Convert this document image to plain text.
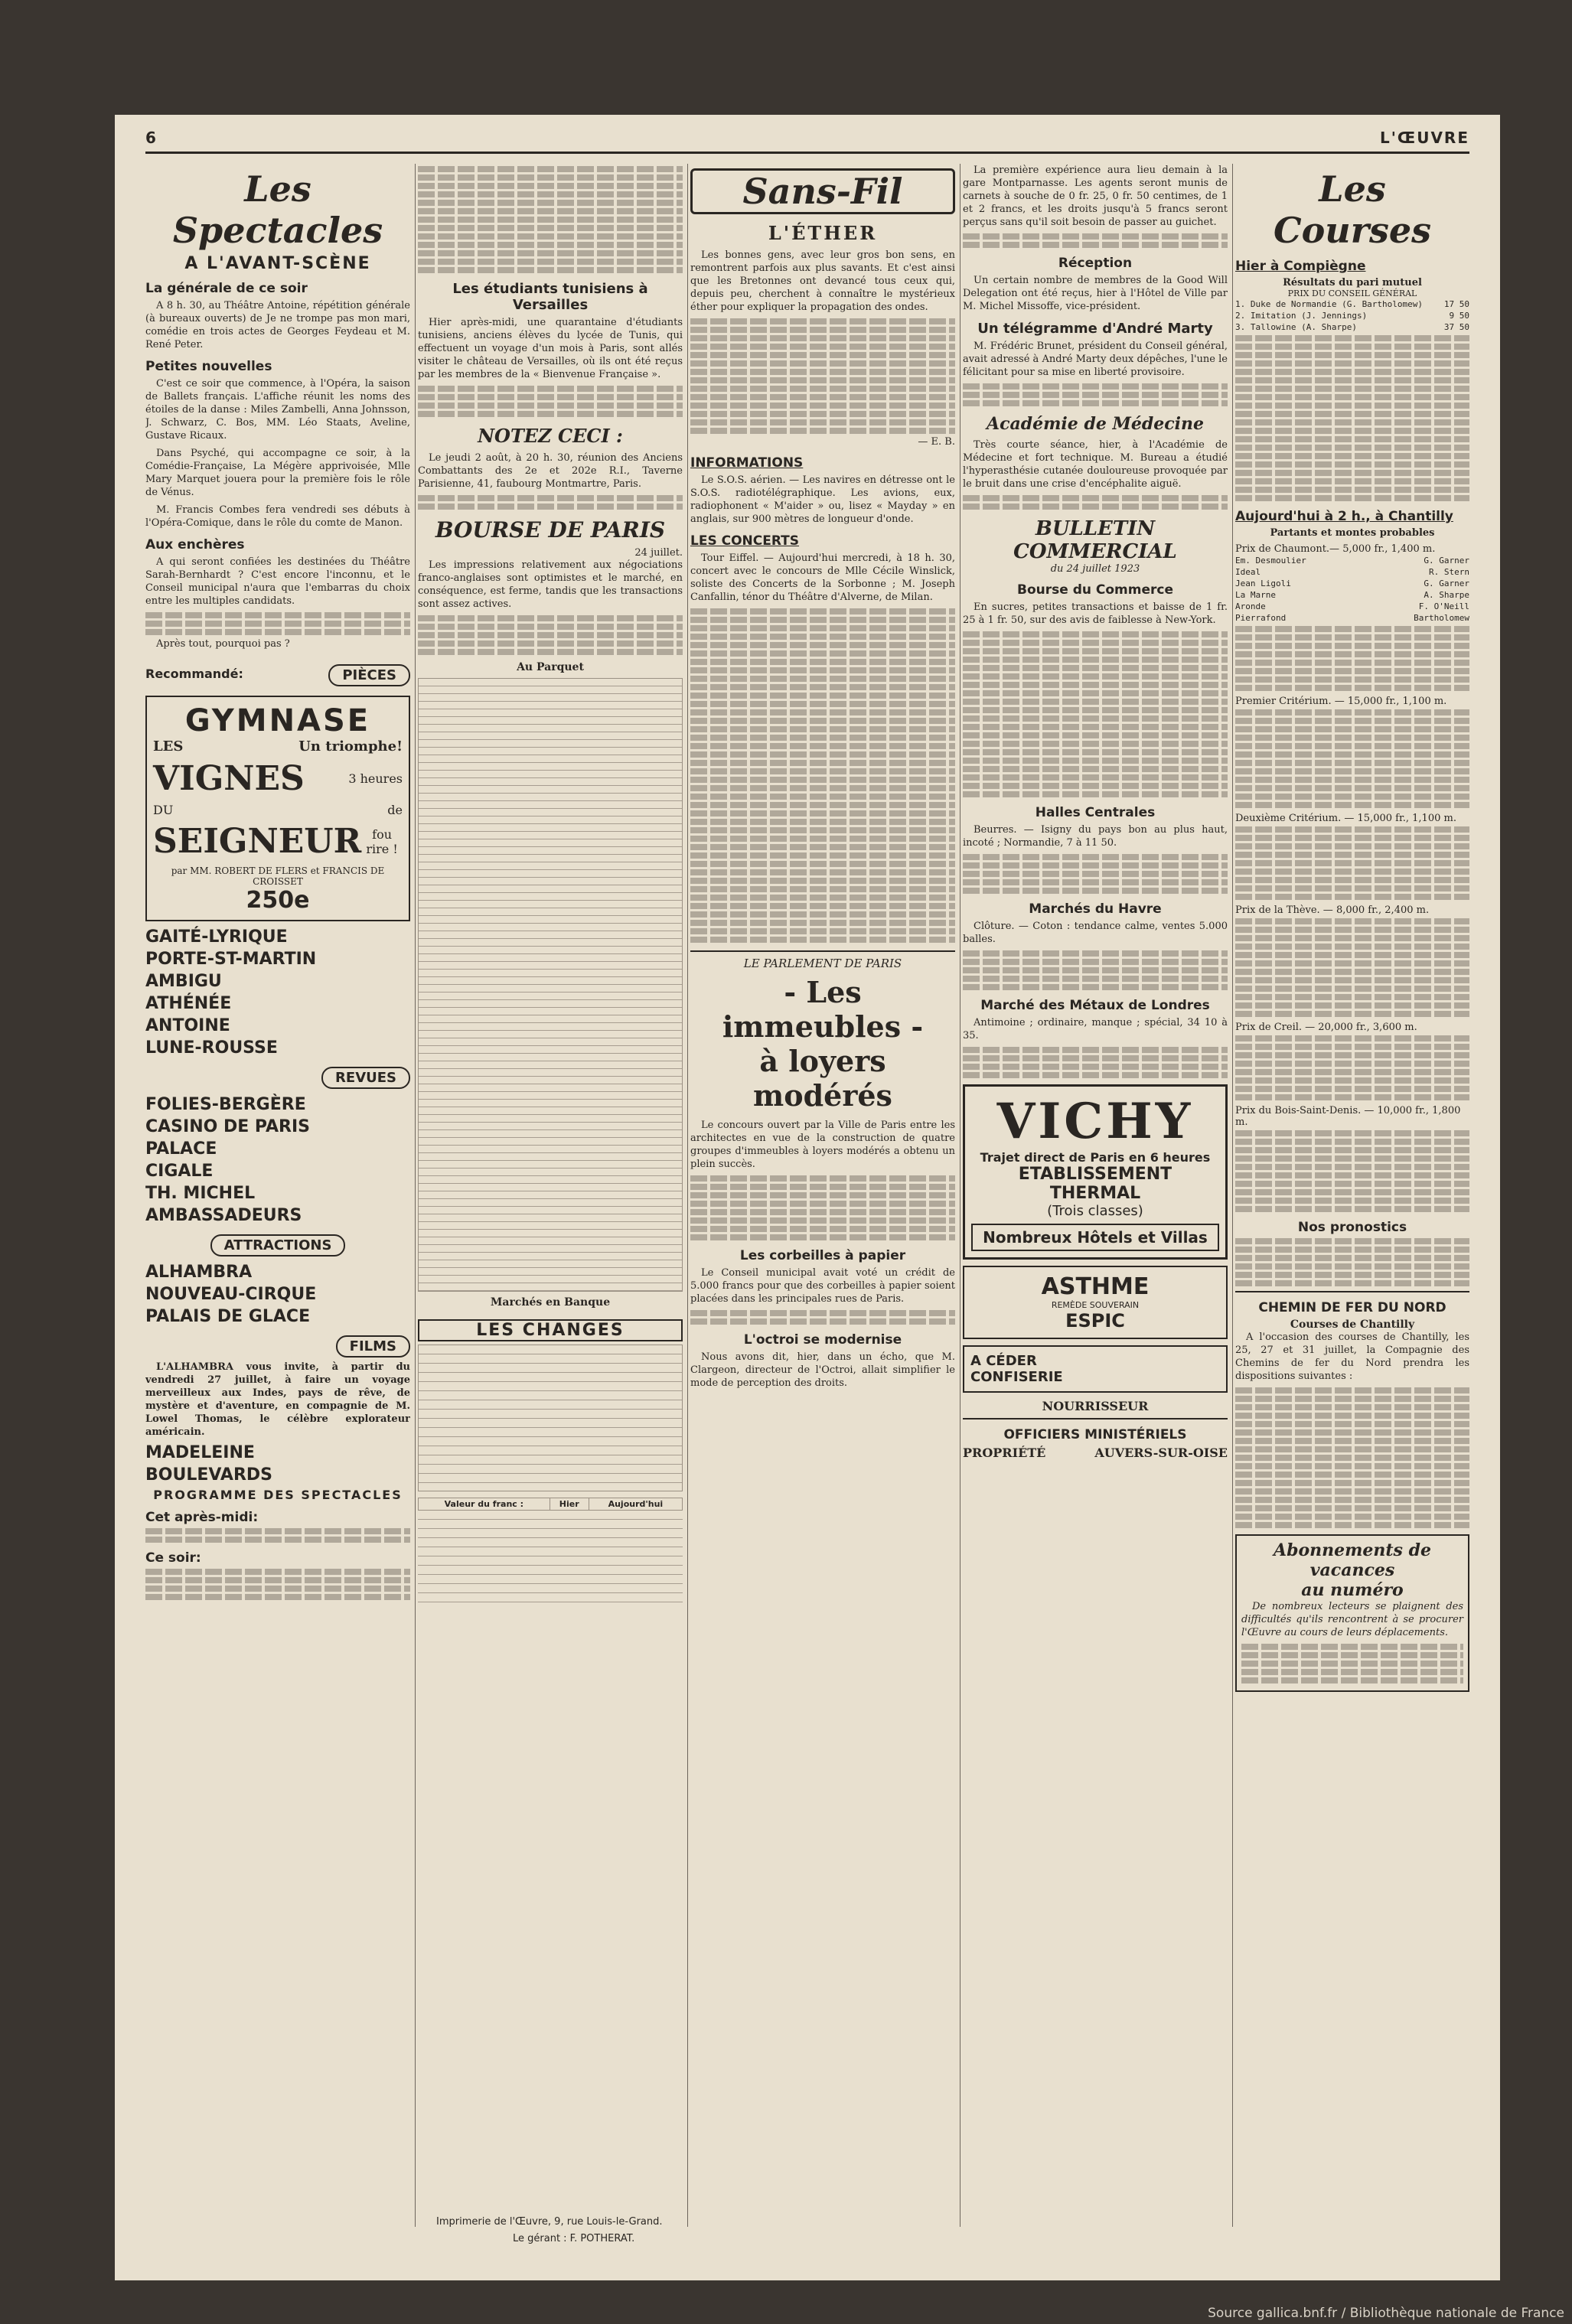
6	L'ŒUVRE
Les Spectacles
A L'AVANT-SCÈNE
La générale de ce soir

A 8 h. 30, au Théâtre Antoine, répétition générale (à bureaux ouverts) de Je ne trompe pas mon mari, comédie en trois actes de Georges Feydeau et M. René Peter.

Petites nouvelles

C'est ce soir que commence, à l'Opéra, la saison de Ballets français. L'affiche réunit les noms des étoiles de la danse : Miles Zambelli, Anna Johnsson, J. Schwarz, C. Bos, MM. Léo Staats, Aveline, Gustave Ricaux.

Dans Psyché, qui accompagne ce soir, à la Comédie-Française, La Mégère apprivoisée, Mlle Mary Marquet jouera pour la première fois le rôle de Vénus.

M. Francis Combes fera vendredi ses débuts à l'Opéra-Comique, dans le rôle du comte de Manon.

Aux enchères

A qui seront confiées les destinées du Théâtre Sarah-Bernhardt ? C'est encore l'inconnu, et le Conseil municipal n'aura que l'embarras du choix entre les multiples candidats.

Après tout, pourquoi pas ?

Recommandé:	PIÈCES
GYMNASE
LES	Un triomphe!
VIGNES	3 heures
DU	de
SEIGNEUR fou rire !
par MM. ROBERT DE FLERS et FRANCIS DE CROISSET
250e
GAITÉ-LYRIQUE
PORTE-ST-MARTIN
AMBIGU
ATHÉNÉE
ANTOINE
LUNE-ROUSSE
REVUES
FOLIES-BERGÈRE
CASINO DE PARIS
PALACE
CIGALE
TH. MICHEL
AMBASSADEURS
ATTRACTIONS
ALHAMBRA
NOUVEAU-CIRQUE
PALAIS DE GLACE
FILMS

L'ALHAMBRA vous invite, à partir du vendredi 27 juillet, à faire un voyage merveilleux aux Indes, pays de rêve, de mystère et d'aventure, en compagnie de M. Lowel Thomas, le célèbre explorateur américain.

MADELEINE
BOULEVARDS
PROGRAMME DES SPECTACLES
Cet après-midi:
Ce soir:
Les étudiants tunisiens à Versailles

Hier après-midi, une quarantaine d'étudiants tunisiens, anciens élèves du lycée de Tunis, qui effectuent un voyage d'un mois à Paris, sont allés visiter le château de Versailles, où ils ont été reçus par les membres de la « Bienvenue Française ».

NOTEZ CECI :

Le jeudi 2 août, à 20 h. 30, réunion des Anciens Combattants des 2e et 202e R.I., Taverne Parisienne, 41, faubourg Montmartre, Paris.

BOURSE DE PARIS
24 juillet.

Les impressions relativement aux négociations franco-anglaises sont optimistes et le marché, en conséquence, est ferme, tandis que les transactions sont assez actives.

Au Parquet
Marchés en Banque
LES CHANGES
Valeur du franc :	Hier	Aujourd'hui
Sans-Fil
L'ÉTHER

Les bonnes gens, avec leur gros bon sens, en remontrent parfois aux plus savants. Et c'est ainsi que les Bretonnes ont devancé tous ceux qui, depuis peu, cherchent à connaître le mystérieux éther pour expliquer la propagation des ondes.

— E. B.
INFORMATIONS

Le S.O.S. aérien. — Les navires en détresse ont le S.O.S. radiotélégraphique. Les avions, eux, radiophonent « M'aider » ou, lisez « Mayday » en anglais, sur 900 mètres de longueur d'onde.

LES CONCERTS

Tour Eiffel. — Aujourd'hui mercredi, à 18 h. 30, concert avec le concours de Mlle Cécile Winslick, soliste des Concerts de la Sorbonne ; M. Joseph Canfallin, ténor du Théâtre d'Alverne, de Milan.

LE PARLEMENT DE PARIS
- Les immeubles -
à loyers modérés

Le concours ouvert par la Ville de Paris entre les architectes en vue de la construction de quatre groupes d'immeubles à loyers modérés a obtenu un plein succès.

Les corbeilles à papier

Le Conseil municipal avait voté un crédit de 5.000 francs pour que des corbeilles à papier soient placées dans les principales rues de Paris.

L'octroi se modernise

Nous avons dit, hier, dans un écho, que M. Clargeon, directeur de l'Octroi, allait simplifier le mode de perception des droits.

La première expérience aura lieu demain à la gare Montparnasse. Les agents seront munis de carnets à souche de 0 fr. 25, 0 fr. 50 centimes, de 1 et 2 francs, et les droits jusqu'à 5 francs seront perçus sans qu'il soit besoin de passer au guichet.

Réception

Un certain nombre de membres de la Good Will Delegation ont été reçus, hier à l'Hôtel de Ville par M. Michel Missoffe, vice-président.

Un télégramme d'André Marty

M. Frédéric Brunet, président du Conseil général, avait adressé à André Marty deux dépêches, l'une le félicitant pour sa mise en liberté provisoire.

Académie de Médecine

Très courte séance, hier, à l'Académie de Médecine et fort technique. M. Bureau a étudié l'hyperasthésie cutanée douloureuse provoquée par le bruit dans une crise d'encéphalite aiguë.

BULLETIN COMMERCIAL
du 24 juillet 1923
Bourse du Commerce

En sucres, petites transactions et baisse de 1 fr. 25 à 1 fr. 50, sur des avis de faiblesse à New-York.

Halles Centrales

Beurres. — Isigny du pays bon au plus haut, incoté ; Normandie, 7 à 11 50.

Marchés du Havre

Clôture. — Coton : tendance calme, ventes 5.000 balles.

Marché des Métaux de Londres

Antimoine ; ordinaire, manque ; spécial, 34 10 à 35.

VICHY
Trajet direct de Paris en 6 heures
ETABLISSEMENT THERMAL
(Trois classes)
Nombreux Hôtels et Villas
ASTHME
REMÈDE SOUVERAIN
ESPIC
A CÉDER
CONFISERIE
NOURRISSEUR
OFFICIERS MINISTÉRIELS
PROPRIÉTÉ	AUVERS-SUR-OISE
Les Courses
Hier à Compiègne
Résultats du pari mutuel
PRIX DU CONSEIL GÉNÉRAL
1. Duke de Normandie (G. Bartholomew)	17 50
2. Imitation (J. Jennings)	9 50
3. Tallowine (A. Sharpe)	37 50
Aujourd'hui à 2 h., à Chantilly
Partants et montes probables
Prix de Chaumont.— 5,000 fr., 1,400 m.
Em. Desmoulier	G. Garner
Ideal	R. Stern
Jean Ligoli	G. Garner
La Marne	A. Sharpe
Aronde	F. O'Neill
Pierrafond	Bartholomew
Premier Critérium. — 15,000 fr., 1,100 m.
Deuxième Critérium. — 15,000 fr., 1,100 m.
Prix de la Thève. — 8,000 fr., 2,400 m.
Prix de Creil. — 20,000 fr., 3,600 m.
Prix du Bois-Saint-Denis. — 10,000 fr., 1,800 m.
Nos pronostics
CHEMIN DE FER DU NORD
Courses de Chantilly

A l'occasion des courses de Chantilly, les 25, 27 et 31 juillet, la Compagnie des Chemins de fer du Nord prendra les dispositions suivantes :

Abonnements de vacances
au numéro

De nombreux lecteurs se plaignent des difficultés qu'ils rencontrent à se procurer l'Œuvre au cours de leurs déplacements.

Imprimerie de l'Œuvre, 9, rue Louis-le-Grand.
Le gérant : F. POTHERAT.
Source gallica.bnf.fr / Bibliothèque nationale de France
